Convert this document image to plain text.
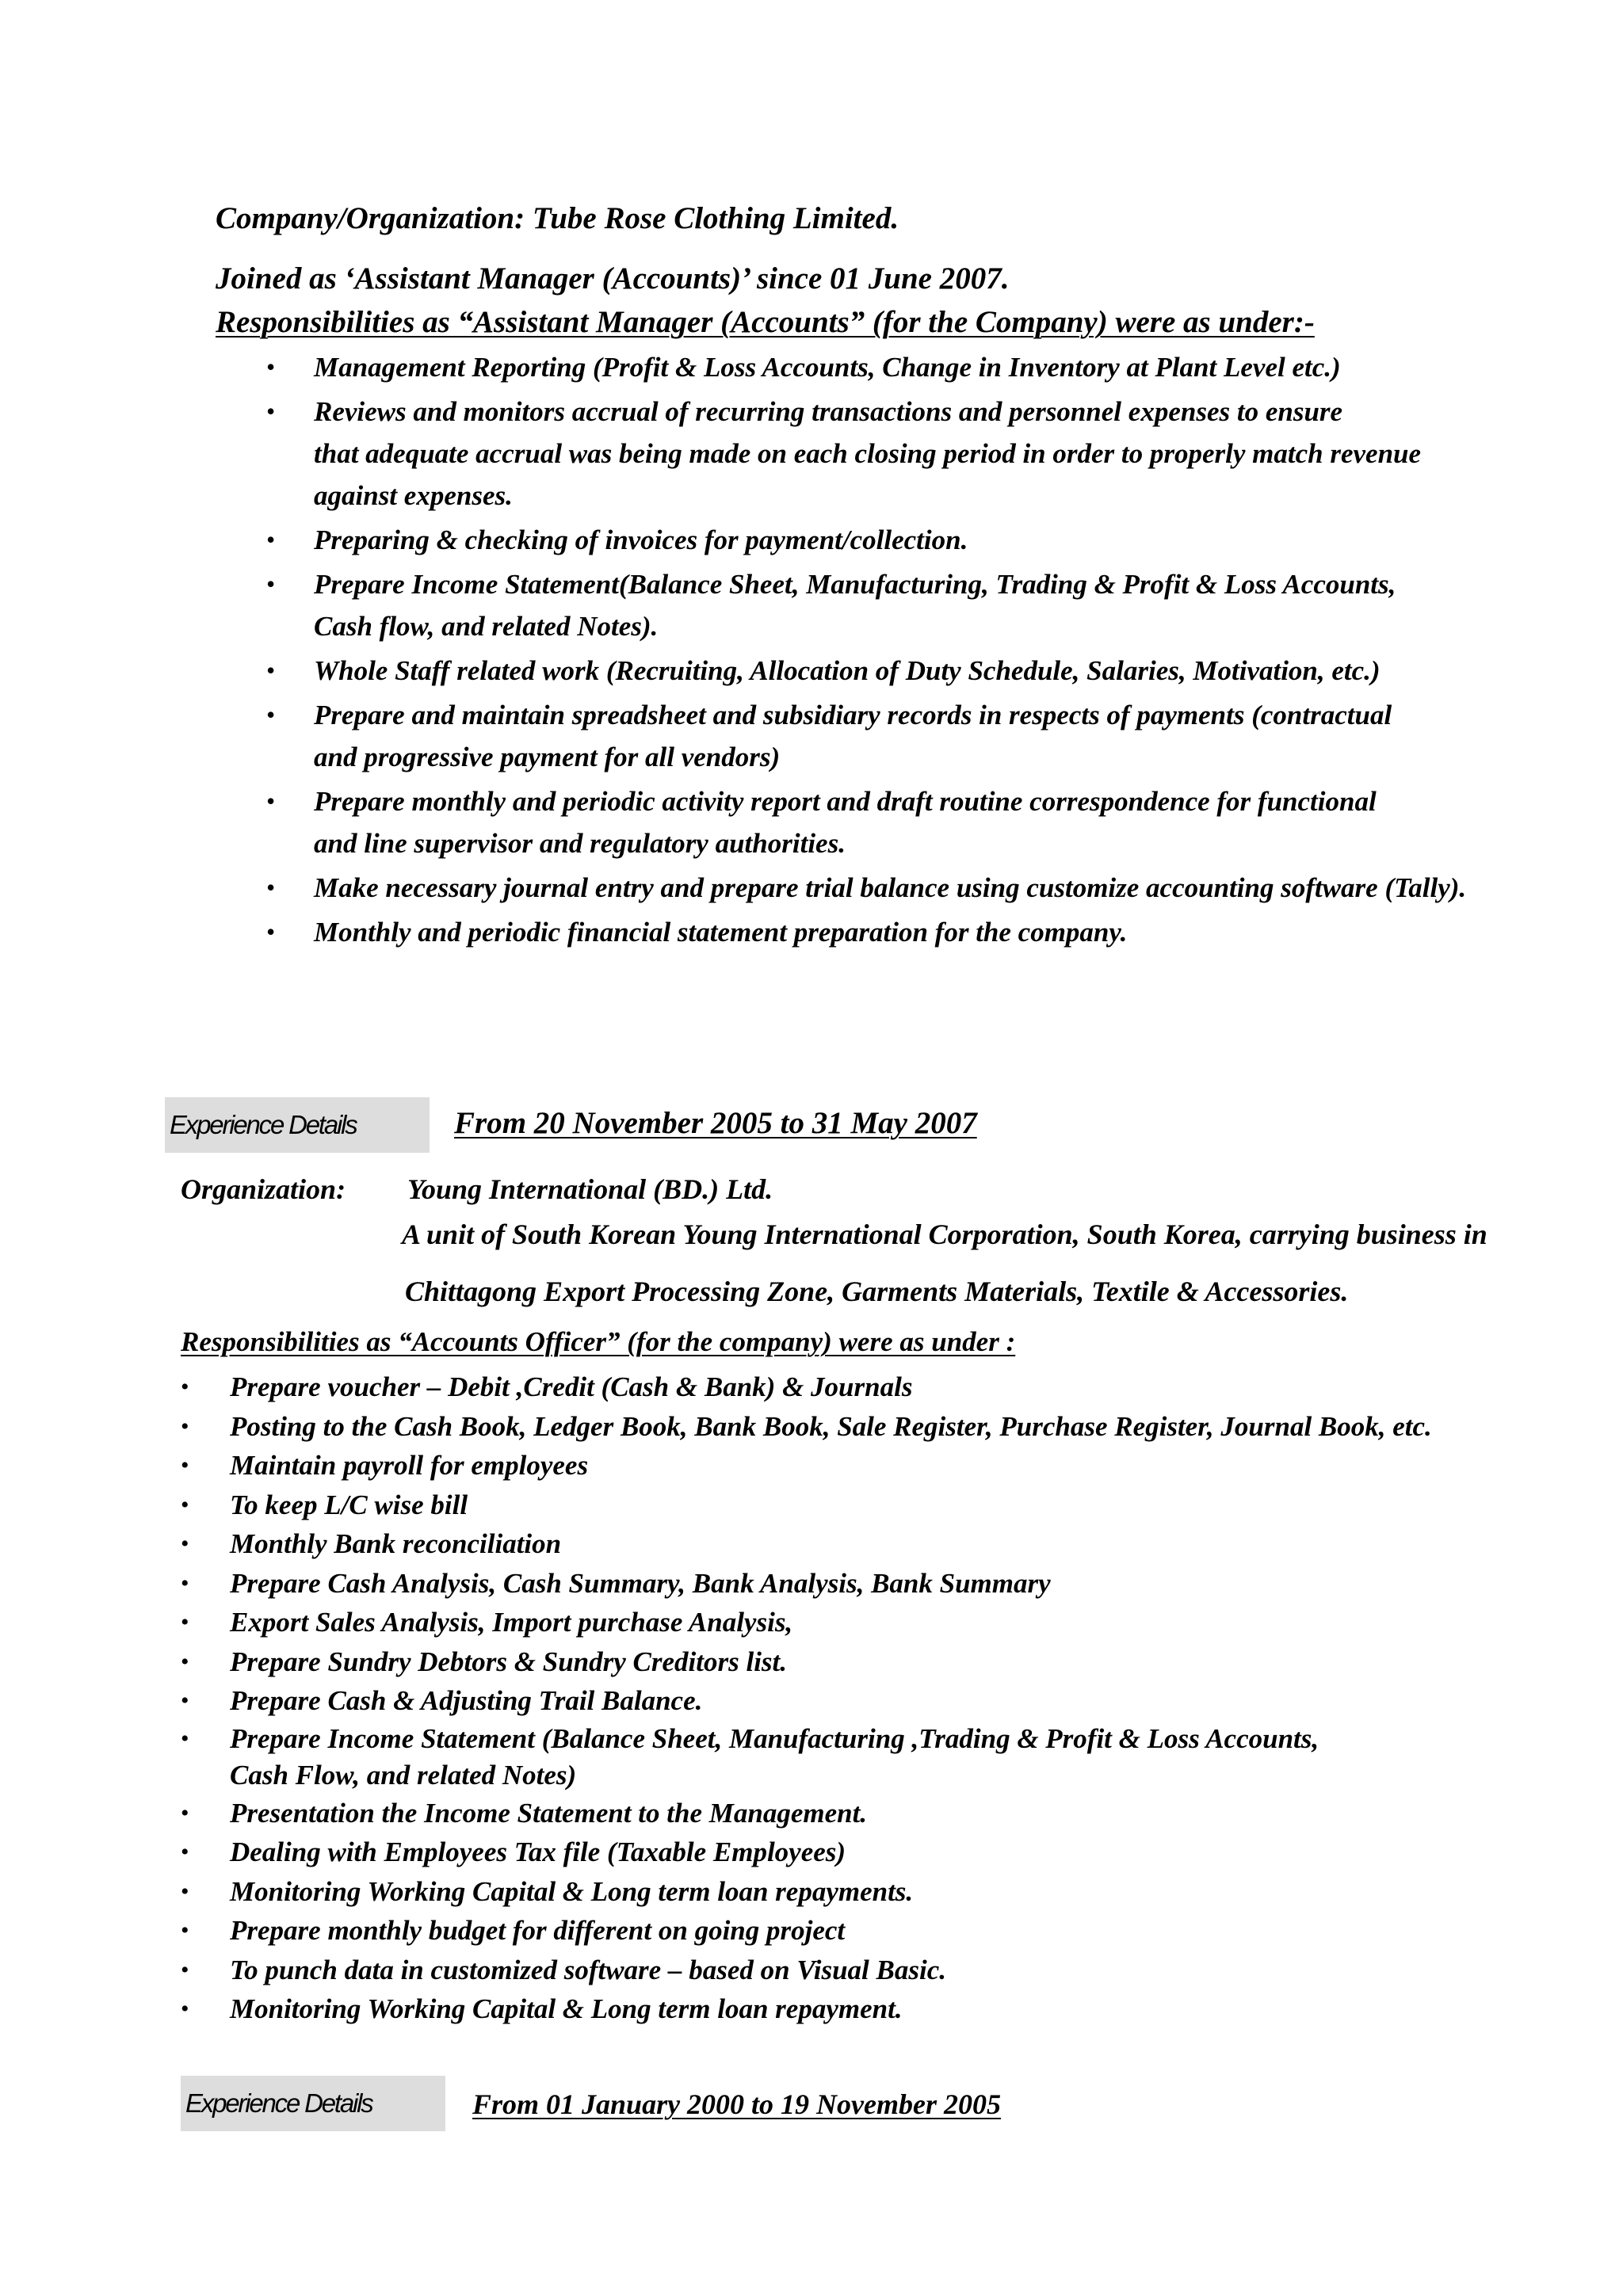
Company/Organization: Tube Rose Clothing Limited.
Joined as ‘Assistant Manager (Accounts)’ since 01 June 2007.
Responsibilities as “Assistant Manager (Accounts” (for the Company) were as under:-
• Management Reporting (Profit & Loss Accounts, Change in Inventory at Plant Level etc.)
• Reviews and monitors accrual of recurring transactions and personnel expenses to ensure
that adequate accrual was being made on each closing period in order to properly match revenue
against expenses.
• Preparing & checking of invoices for payment/collection.
• Prepare Income Statement(Balance Sheet, Manufacturing, Trading & Profit & Loss Accounts,
Cash flow, and related Notes).
• Whole Staff related work (Recruiting, Allocation of Duty Schedule, Salaries, Motivation, etc.)
• Prepare and maintain spreadsheet and subsidiary records in respects of payments (contractual
and progressive payment for all vendors)
• Prepare monthly and periodic activity report and draft routine correspondence for functional
and line supervisor and regulatory authorities.
• Make necessary journal entry and prepare trial balance using customize accounting software (Tally).
• Monthly and periodic financial statement preparation for the company.
Experience Details	From 20 November 2005 to 31 May 2007
Organization: Young International (BD.) Ltd.
A unit of South Korean Young International Corporation, South Korea, carrying business in
Chittagong Export Processing Zone, Garments Materials, Textile & Accessories.
Responsibilities as “Accounts Officer” (for the company) were as under :
• Prepare voucher – Debit ,Credit (Cash & Bank) & Journals
• Posting to the Cash Book, Ledger Book, Bank Book, Sale Register, Purchase Register, Journal Book, etc.
• Maintain payroll for employees
• To keep L/C wise bill
• Monthly Bank reconciliation
• Prepare Cash Analysis, Cash Summary, Bank Analysis, Bank Summary
• Export Sales Analysis, Import purchase Analysis,
• Prepare Sundry Debtors & Sundry Creditors list.
• Prepare Cash & Adjusting Trail Balance.
• Prepare Income Statement (Balance Sheet, Manufacturing ,Trading & Profit & Loss Accounts,
Cash Flow, and related Notes)
• Presentation the Income Statement to the Management.
• Dealing with Employees Tax file (Taxable Employees)
• Monitoring Working Capital & Long term loan repayments.
• Prepare monthly budget for different on going project
• To punch data in customized software – based on Visual Basic.
• Monitoring Working Capital & Long term loan repayment.
Experience Details	From 01 January 2000 to 19 November 2005
